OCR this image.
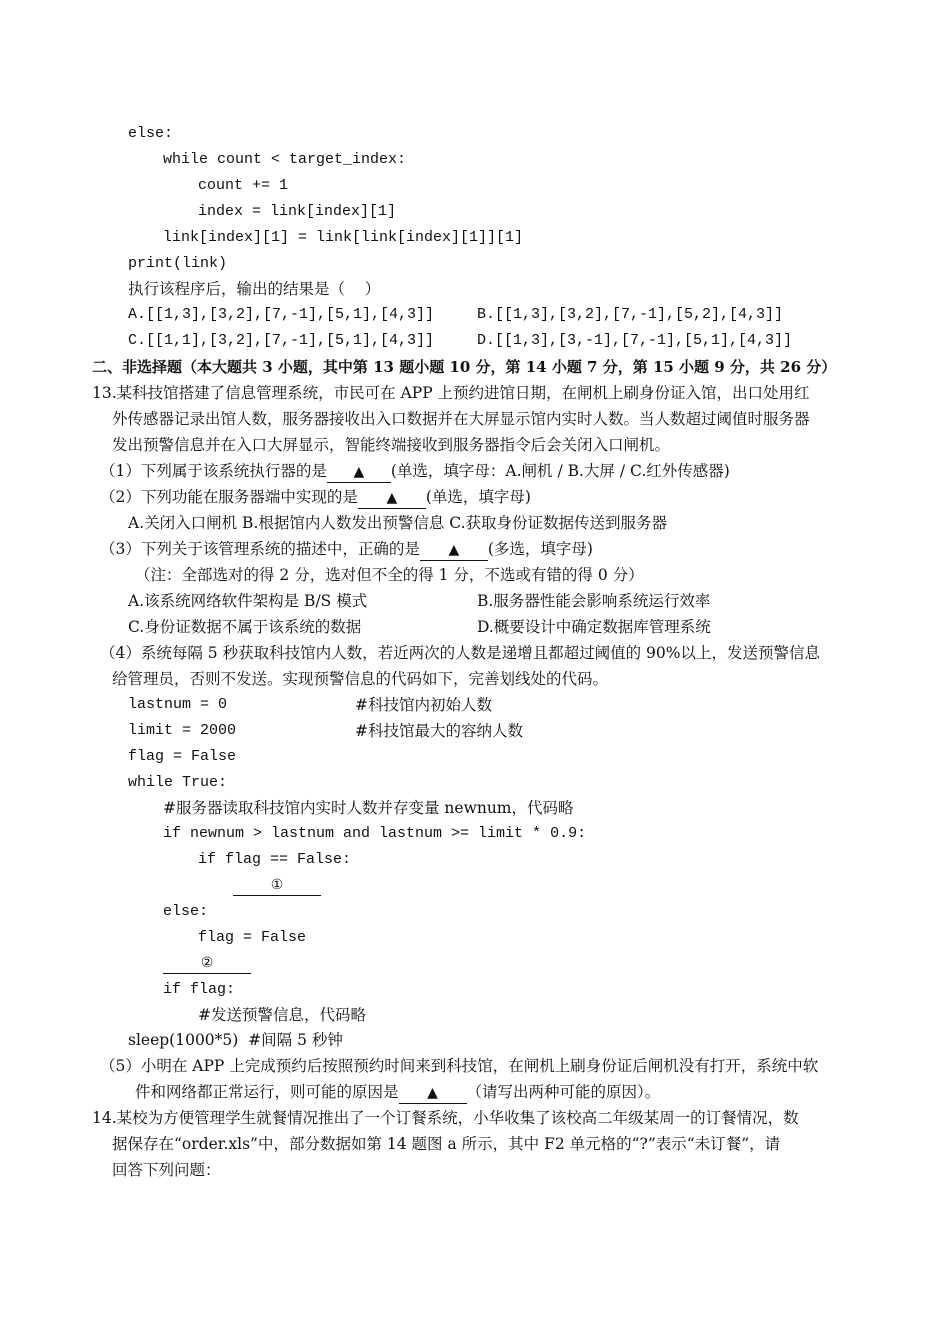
else:
while count < target_index:
count += 1
index = link[index][1]
link[index][1] = link[link[index][1]][1]
print(link)
执行该程序后，输出的结果是（    ）
A.[[1,3],[3,2],[7,-1],[5,1],[4,3]]	B.[[1,3],[3,2],[7,-1],[5,2],[4,3]]
C.[[1,1],[3,2],[7,-1],[5,1],[4,3]]	D.[[1,3],[3,-1],[7,-1],[5,1],[4,3]]
二、非选择题（本大题共 3 小题，其中第 13 题小题 10 分，第 14 小题 7 分，第 15 小题 9 分，共 26 分）
13.某科技馆搭建了信息管理系统，市民可在 APP 上预约进馆日期，在闸机上刷身份证入馆，出口处用红
外传感器记录出馆人数，服务器接收出入口数据并在大屏显示馆内实时人数。当人数超过阈值时服务器
发出预警信息并在入口大屏显示，智能终端接收到服务器指令后会关闭入口闸机。
（1）下列属于该系统执行器的是 ▲ (单选，填字母：A.闸机 / B.大屏 / C.红外传感器)
（2）下列功能在服务器端中实现的是 ▲ (单选，填字母)
A.关闭入口闸机 B.根据馆内人数发出预警信息 C.获取身份证数据传送到服务器
（3）下列关于该管理系统的描述中，正确的是 ▲ (多选，填字母)
（注：全部选对的得 2 分，选对但不全的得 1 分，不选或有错的得 0 分）
A.该系统网络软件架构是 B/S 模式	B.服务器性能会影响系统运行效率
C.身份证数据不属于该系统的数据	D.概要设计中确定数据库管理系统
（4）系统每隔 5 秒获取科技馆内人数，若近两次的人数是递增且都超过阈值的 90%以上，发送预警信息
给管理员，否则不发送。实现预警信息的代码如下，完善划线处的代码。
lastnum = 0	#科技馆内初始人数
limit = 2000	#科技馆最大的容纳人数
flag = False
while True:
#服务器读取科技馆内实时人数并存变量 newnum，代码略
if newnum > lastnum and lastnum >= limit * 0.9:
if flag == False:
①
else:
flag = False
②
if flag:
#发送预警信息，代码略
sleep(1000*5)  #间隔 5 秒钟
（5）小明在 APP 上完成预约后按照预约时间来到科技馆，在闸机上刷身份证后闸机没有打开，系统中软
件和网络都正常运行，则可能的原因是 ▲ （请写出两种可能的原因）。
14.某校为方便管理学生就餐情况推出了一个订餐系统，小华收集了该校高二年级某周一的订餐情况，数
据保存在“order.xls”中，部分数据如第 14 题图 a 所示，其中 F2 单元格的“?”表示“未订餐”，请
回答下列问题：
